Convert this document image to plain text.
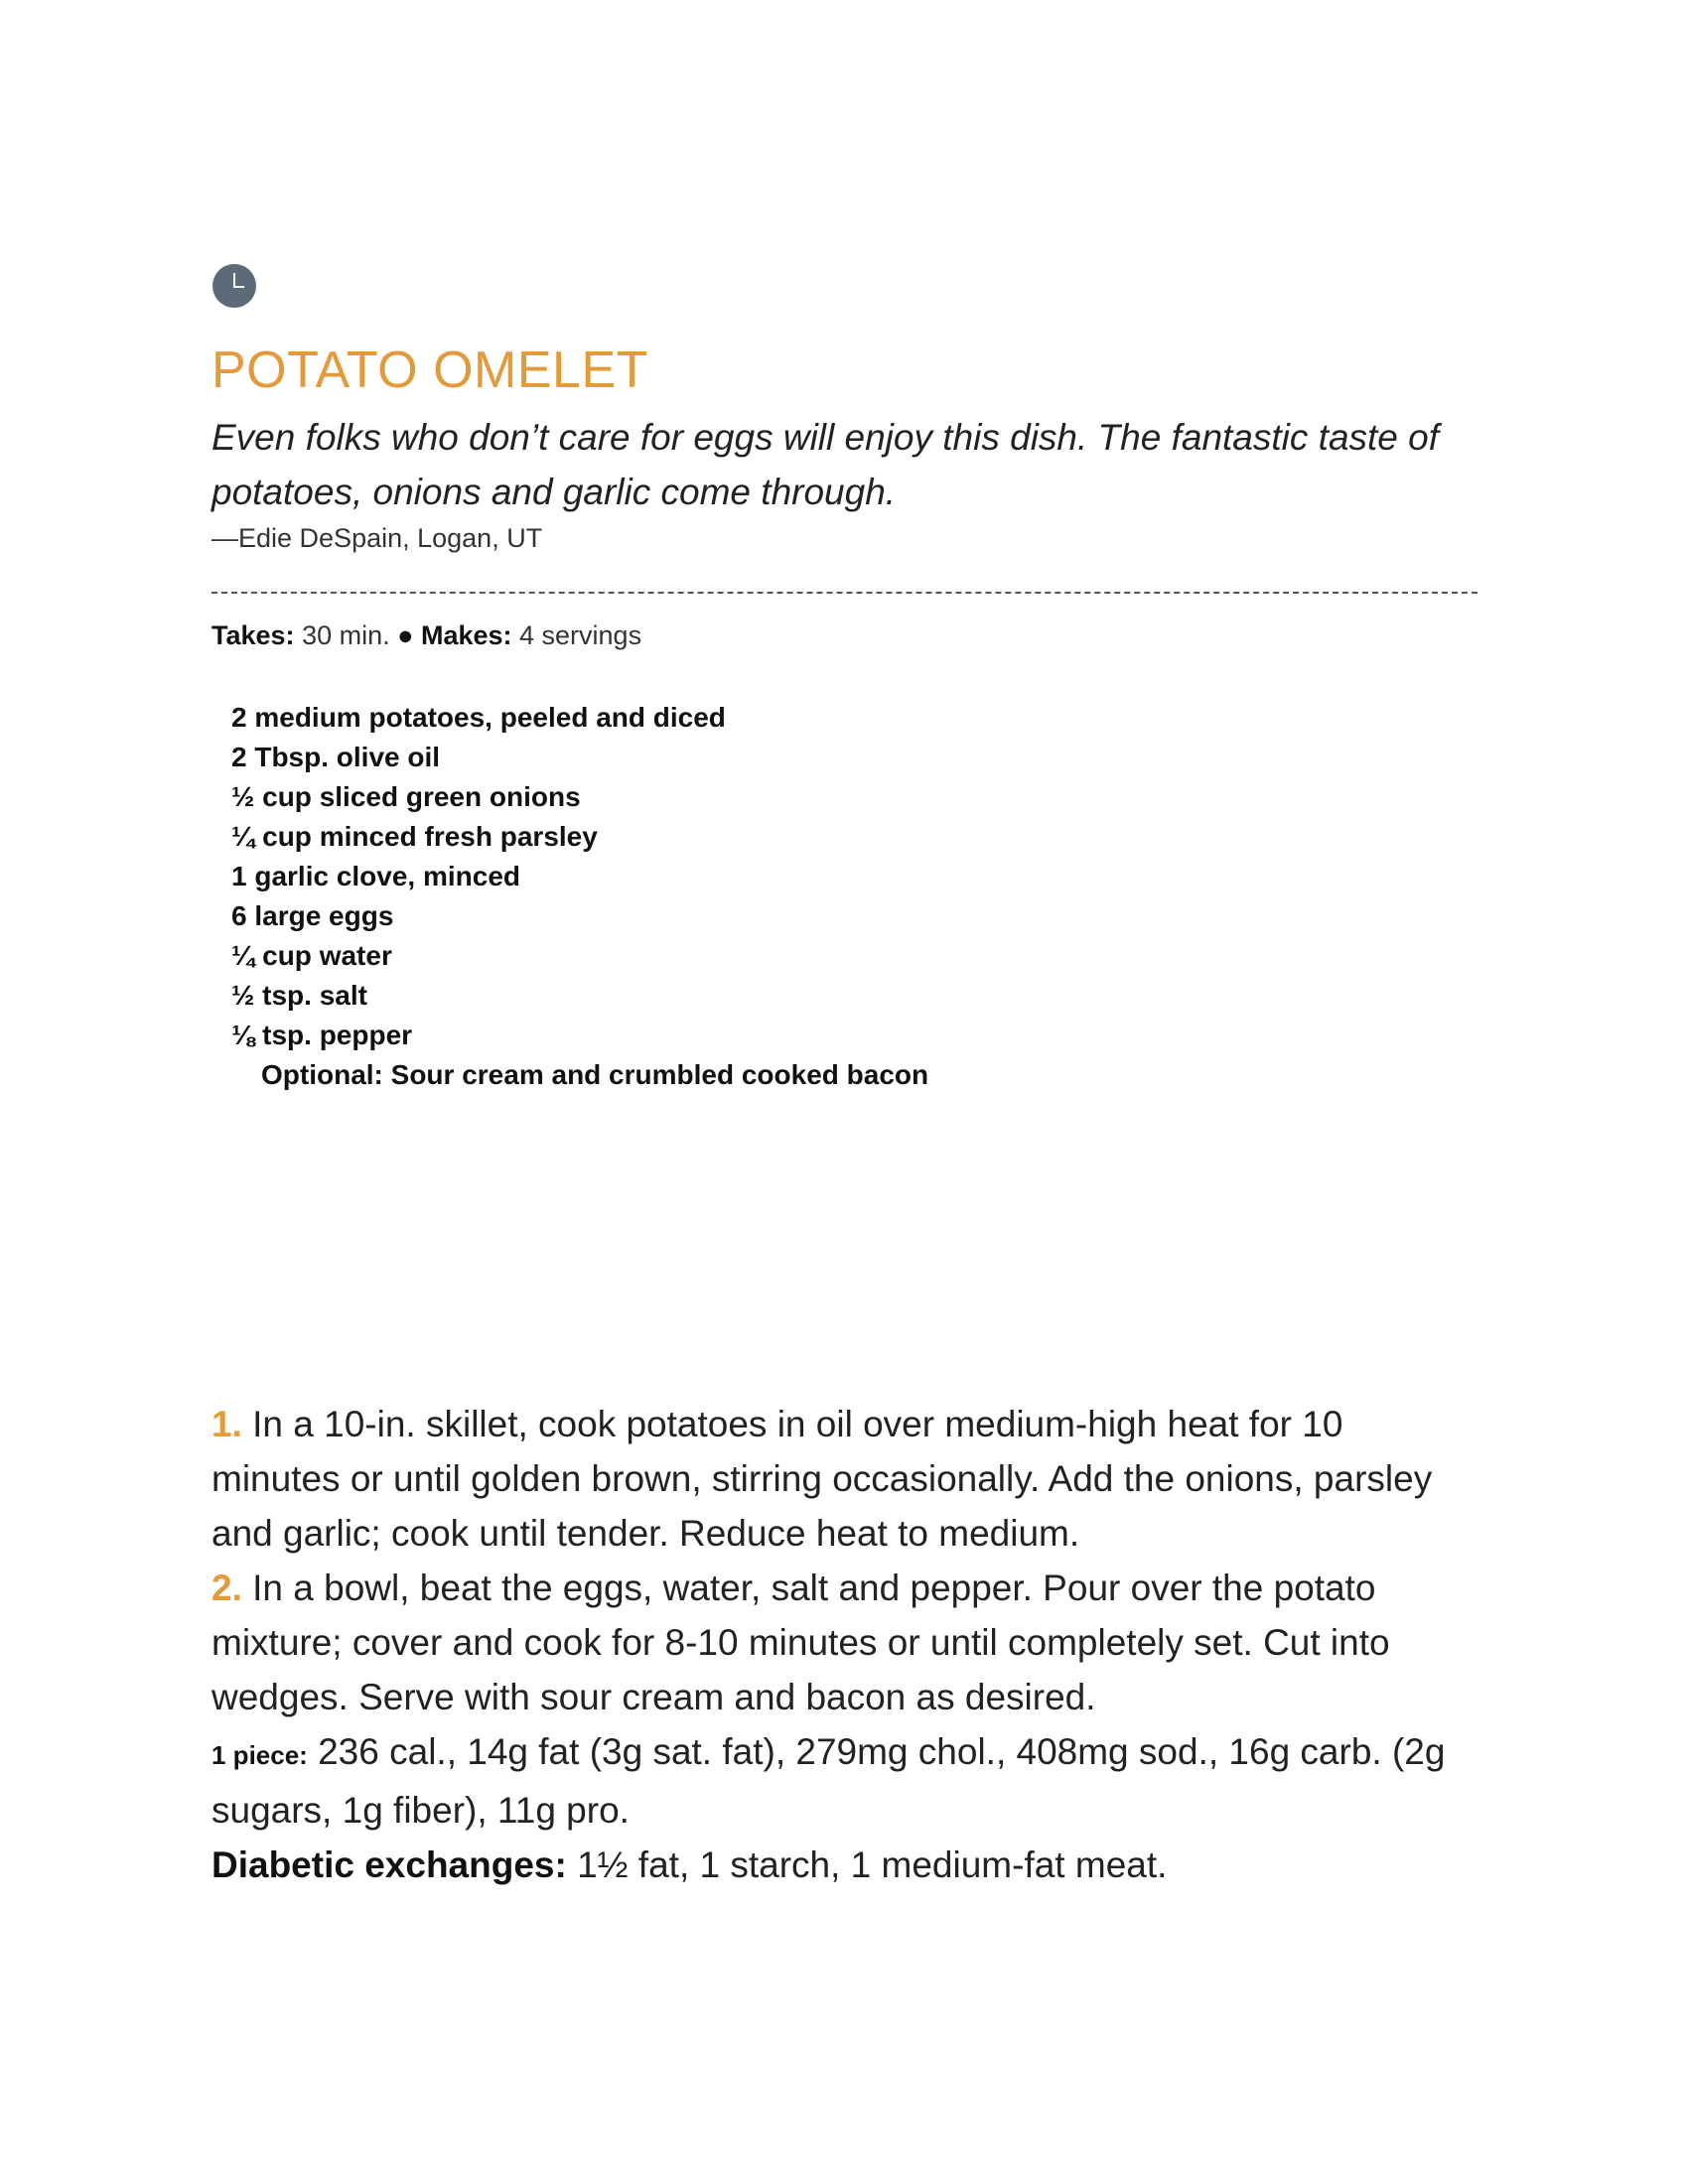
POTATO OMELET

Even folks who don’t care for eggs will enjoy this dish. The fantastic taste of potatoes, onions and garlic come through.

—Edie DeSpain, Logan, UT

Takes: 30 min. ● Makes: 4 servings

2 medium potatoes, peeled and diced
2 Tbsp. olive oil
½ cup sliced green onions
¼ cup minced fresh parsley
1 garlic clove, minced
6 large eggs
¼ cup water
½ tsp. salt
⅛ tsp. pepper
Optional: Sour cream and crumbled cooked bacon

1. In a 10-in. skillet, cook potatoes in oil over medium-high heat for 10 minutes or until golden brown, stirring occasionally. Add the onions, parsley and garlic; cook until tender. Reduce heat to medium.

2. In a bowl, beat the eggs, water, salt and pepper. Pour over the potato mixture; cover and cook for 8-10 minutes or until completely set. Cut into wedges. Serve with sour cream and bacon as desired.

1 piece: 236 cal., 14g fat (3g sat. fat), 279mg chol., 408mg sod., 16g carb. (2g sugars, 1g fiber), 11g pro.

Diabetic exchanges: 1½ fat, 1 starch, 1 medium-fat meat.
